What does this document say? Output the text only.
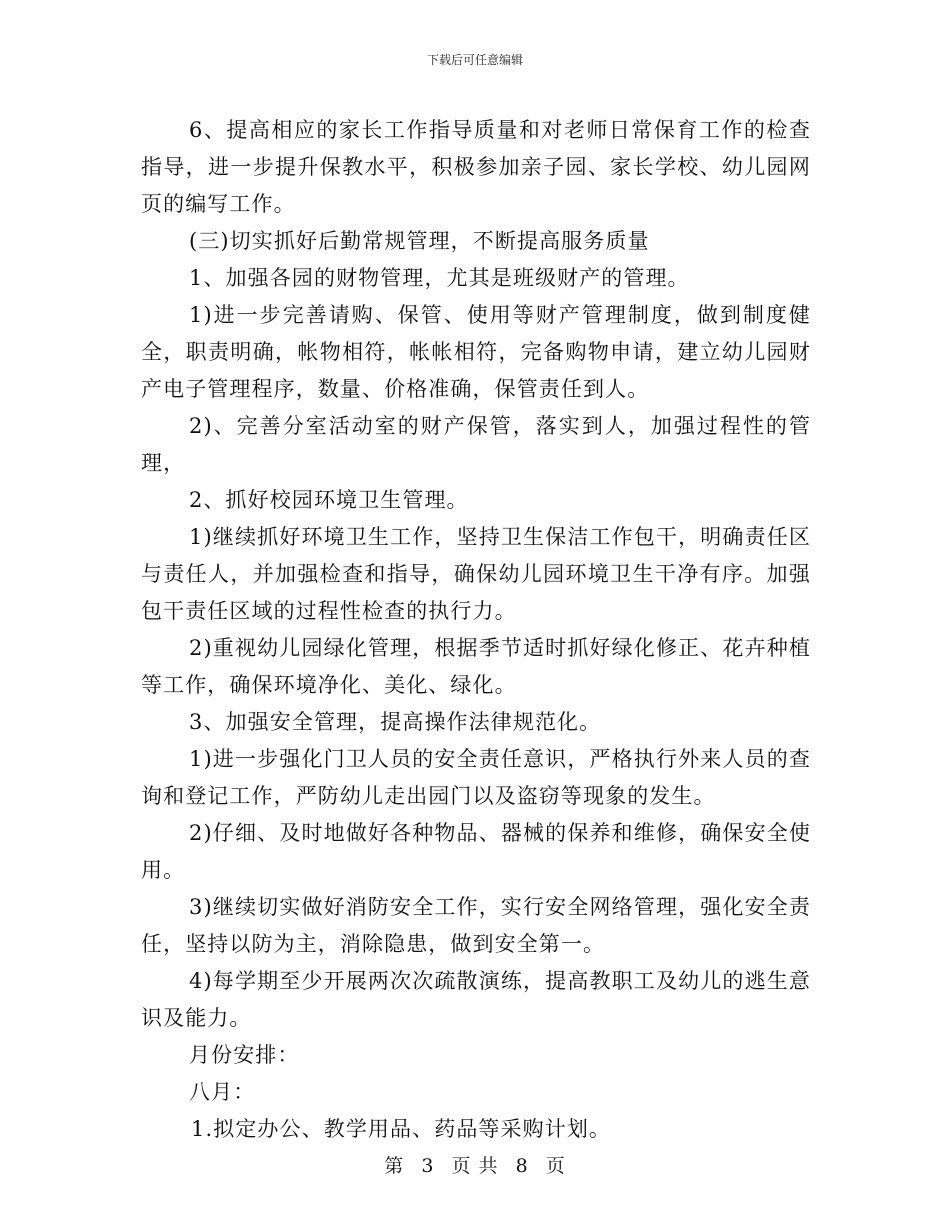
下载后可任意编辑

6、提高相应的家长工作指导质量和对老师日常保育工作的检查指导，进一步提升保教水平，积极参加亲子园、家长学校、幼儿园网页的编写工作。

(三)切实抓好后勤常规管理，不断提高服务质量

1、加强各园的财物管理，尤其是班级财产的管理。

1)进一步完善请购、保管、使用等财产管理制度，做到制度健全，职责明确，帐物相符，帐帐相符，完备购物申请，建立幼儿园财产电子管理程序，数量、价格准确，保管责任到人。

2)、完善分室活动室的财产保管，落实到人，加强过程性的管理，

2、抓好校园环境卫生管理。

1)继续抓好环境卫生工作，坚持卫生保洁工作包干，明确责任区与责任人，并加强检查和指导，确保幼儿园环境卫生干净有序。加强包干责任区域的过程性检查的执行力。

2)重视幼儿园绿化管理，根据季节适时抓好绿化修正、花卉种植等工作，确保环境净化、美化、绿化。

3、加强安全管理，提高操作法律规范化。

1)进一步强化门卫人员的安全责任意识，严格执行外来人员的查询和登记工作，严防幼儿走出园门以及盗窃等现象的发生。

2)仔细、及时地做好各种物品、器械的保养和维修，确保安全使用。

3)继续切实做好消防安全工作，实行安全网络管理，强化安全责任，坚持以防为主，消除隐患，做到安全第一。

4)每学期至少开展两次次疏散演练，提高教职工及幼儿的逃生意识及能力。

月份安排：

八月：

1.拟定办公、教学用品、药品等采购计划。

第 3 页 共 8 页
